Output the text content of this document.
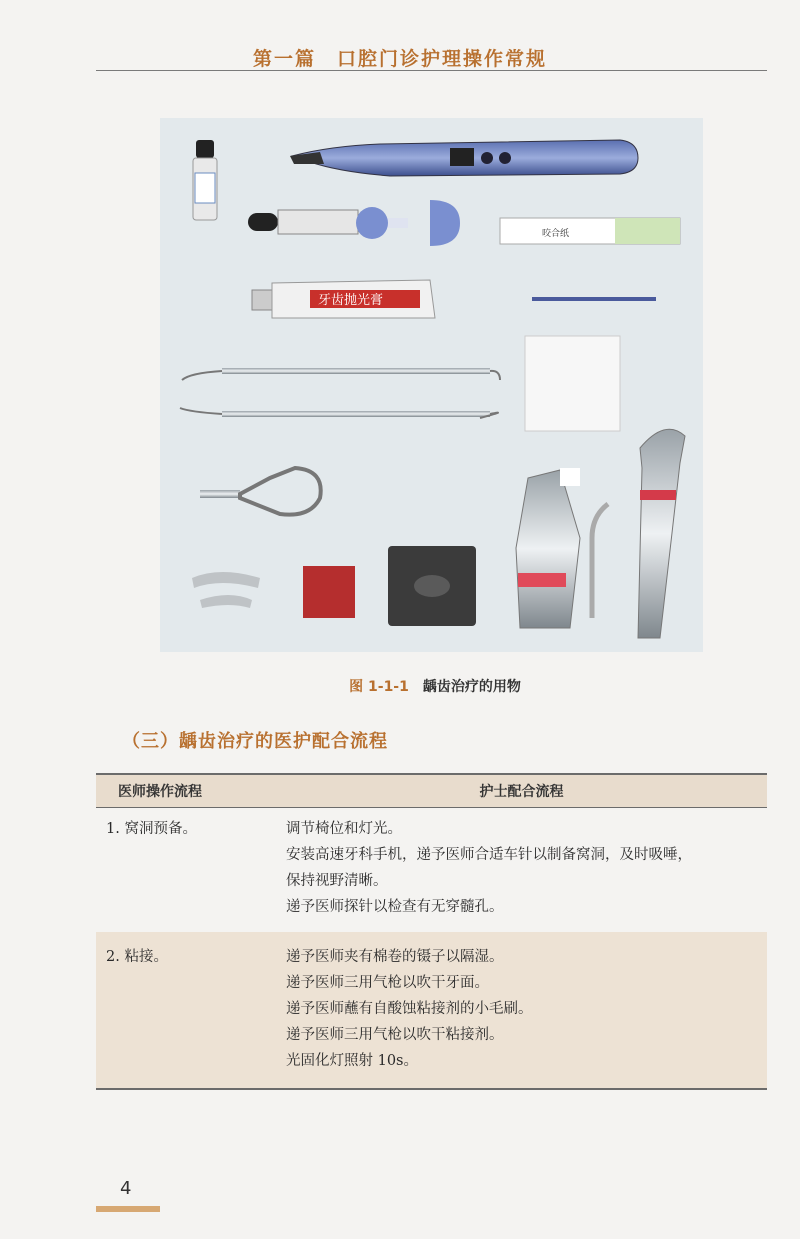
第一篇　口腔门诊护理操作常规
咬合纸
牙齿抛光膏
图 1-1-1 龋齿治疗的用物
（三）龋齿治疗的医护配合流程
医师操作流程	护士配合流程
1. 窝洞预备。	调节椅位和灯光。
安装高速牙科手机，递予医师合适车针以制备窝洞，及时吸唾，
保持视野清晰。
递予医师探针以检查有无穿髓孔。
2. 粘接。	递予医师夹有棉卷的镊子以隔湿。
递予医师三用气枪以吹干牙面。
递予医师蘸有自酸蚀粘接剂的小毛刷。
递予医师三用气枪以吹干粘接剂。
光固化灯照射 10s。
4
